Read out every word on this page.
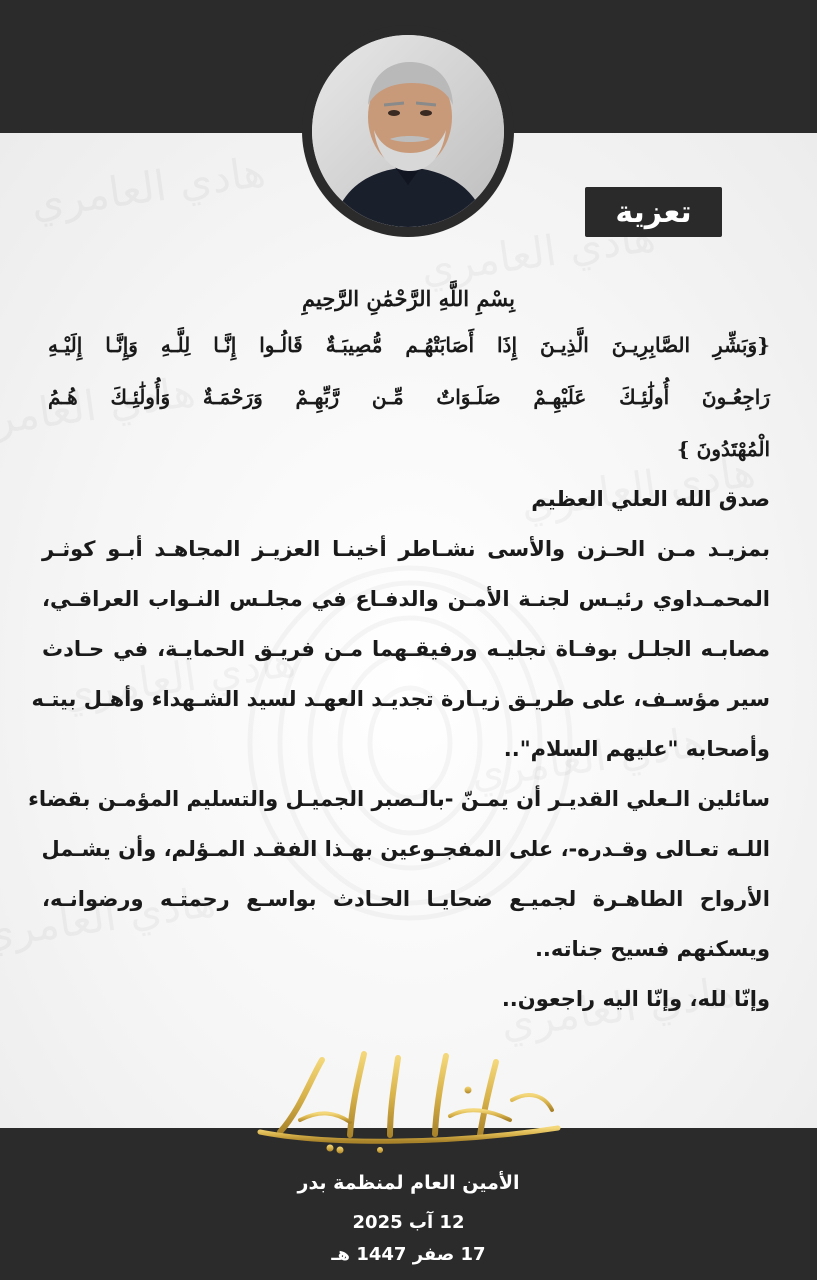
تعزية
بِسْمِ اللَّهِ الرَّحْمَٰنِ الرَّحِيمِ
{وَبَشِّرِ الصَّابِرِيـنَ الَّذِيـنَ إِذَا أَصَابَتْهُـم مُّصِيبَـةٌ قَالُـوا إِنَّـا لِلَّـهِ وَإِنَّـا إِلَيْـهِ
رَاجِعُـونَ أُولَٰئِـكَ عَلَيْهِـمْ صَلَـوَاتٌ مِّـن رَّبِّهِـمْ وَرَحْمَـةٌ وَأُولَٰئِـكَ هُـمُ
الْمُهْتَدُونَ }
صدق الله العلي العظيم
بمزيـد مـن الحـزن والأسى نشـاطر أخينـا العزيـز المجاهـد أبـو كوثـر
المحمـداوي رئيـس لجنـة الأمـن والدفـاع في مجلـس النـواب العراقـي،
مصابـه الجلـل بوفـاة نجليـه ورفيقـهما مـن فريـق الحمايـة، في حـادث
سير مؤسـف، على طريـق زيـارة تجديـد العهـد لسيد الشـهداء وأهـل بيتـه
وأصحابه "عليهم السلام"..
سائلين الـعلي القديـر أن يمـنّ -بالـصبر الجميـل والتسليم المؤمـن بقضاء
اللـه تعـالى وقـدره-، على المفجـوعين بهـذا الفقـد المـؤلم، وأن يشـمل
الأرواح الطاهـرة لجميـع ضحايـا الحـادث بواسـع رحمتـه ورضوانـه،
ويسكنهم فسيح جناته..
وإنّا لله، وإنّا اليه راجعون..
الأمين العام لمنظمة بدر
12 آب 2025
17 صفر 1447 هـ
